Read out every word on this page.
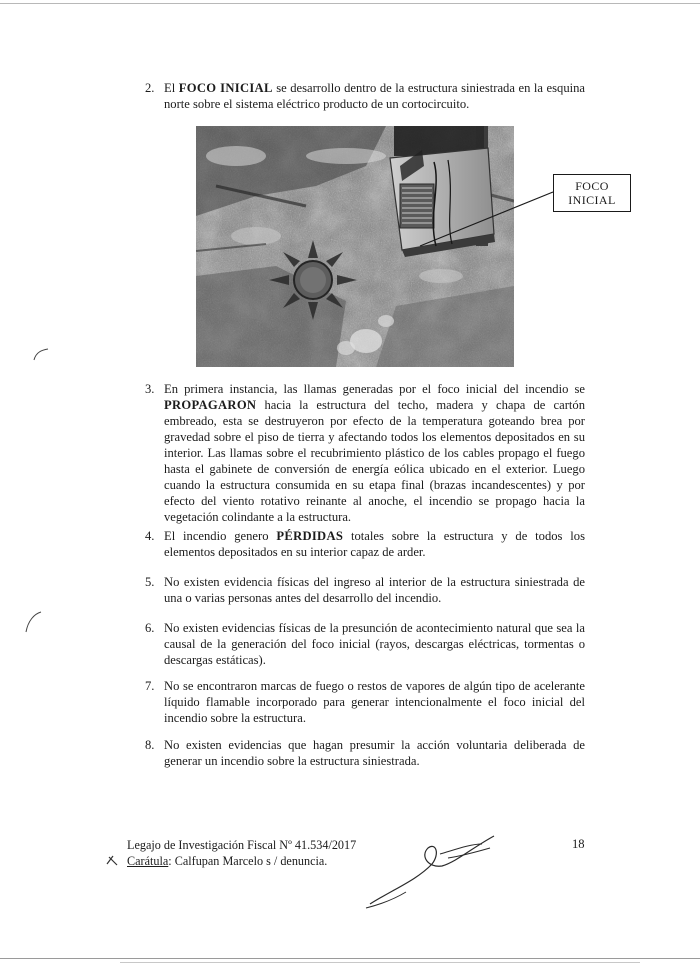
2. El FOCO INICIAL se desarrollo dentro de la estructura siniestrada en la esquina norte sobre el sistema eléctrico producto de un cortocircuito.
FOCO
INICIAL
3. En primera instancia, las llamas generadas por el foco inicial del incendio se PROPAGARON hacia la estructura del techo, madera y chapa de cartón embreado, esta se destruyeron por efecto de la temperatura goteando brea por gravedad sobre el piso de tierra y afectando todos los elementos depositados en su interior. Las llamas sobre el recubrimiento plástico de los cables propago el fuego hasta el gabinete de conversión de energía eólica ubicado en el exterior. Luego cuando la estructura consumida en su etapa final (brazas incandescentes) y por efecto del viento rotativo reinante al anoche, el incendio se propago hacia la vegetación colindante a la estructura.
4. El incendio genero PÉRDIDAS totales sobre la estructura y de todos los elementos depositados en su interior capaz de arder.
5. No existen evidencia físicas del ingreso al interior de la estructura siniestrada de una o varias personas antes del desarrollo del incendio.
6. No existen evidencias físicas de la presunción de acontecimiento natural que sea la causal de la generación del foco inicial (rayos, descargas eléctricas, tormentas o descargas estáticas).
7. No se encontraron marcas de fuego o restos de vapores de algún tipo de acelerante líquido flamable incorporado para generar intencionalmente el foco inicial del incendio sobre la estructura.
8. No existen evidencias que hagan presumir la acción voluntaria deliberada de generar un incendio sobre la estructura siniestrada.
Legajo de Investigación Fiscal Nº 41.534/2017
Carátula: Calfupan Marcelo s / denuncia.
18
